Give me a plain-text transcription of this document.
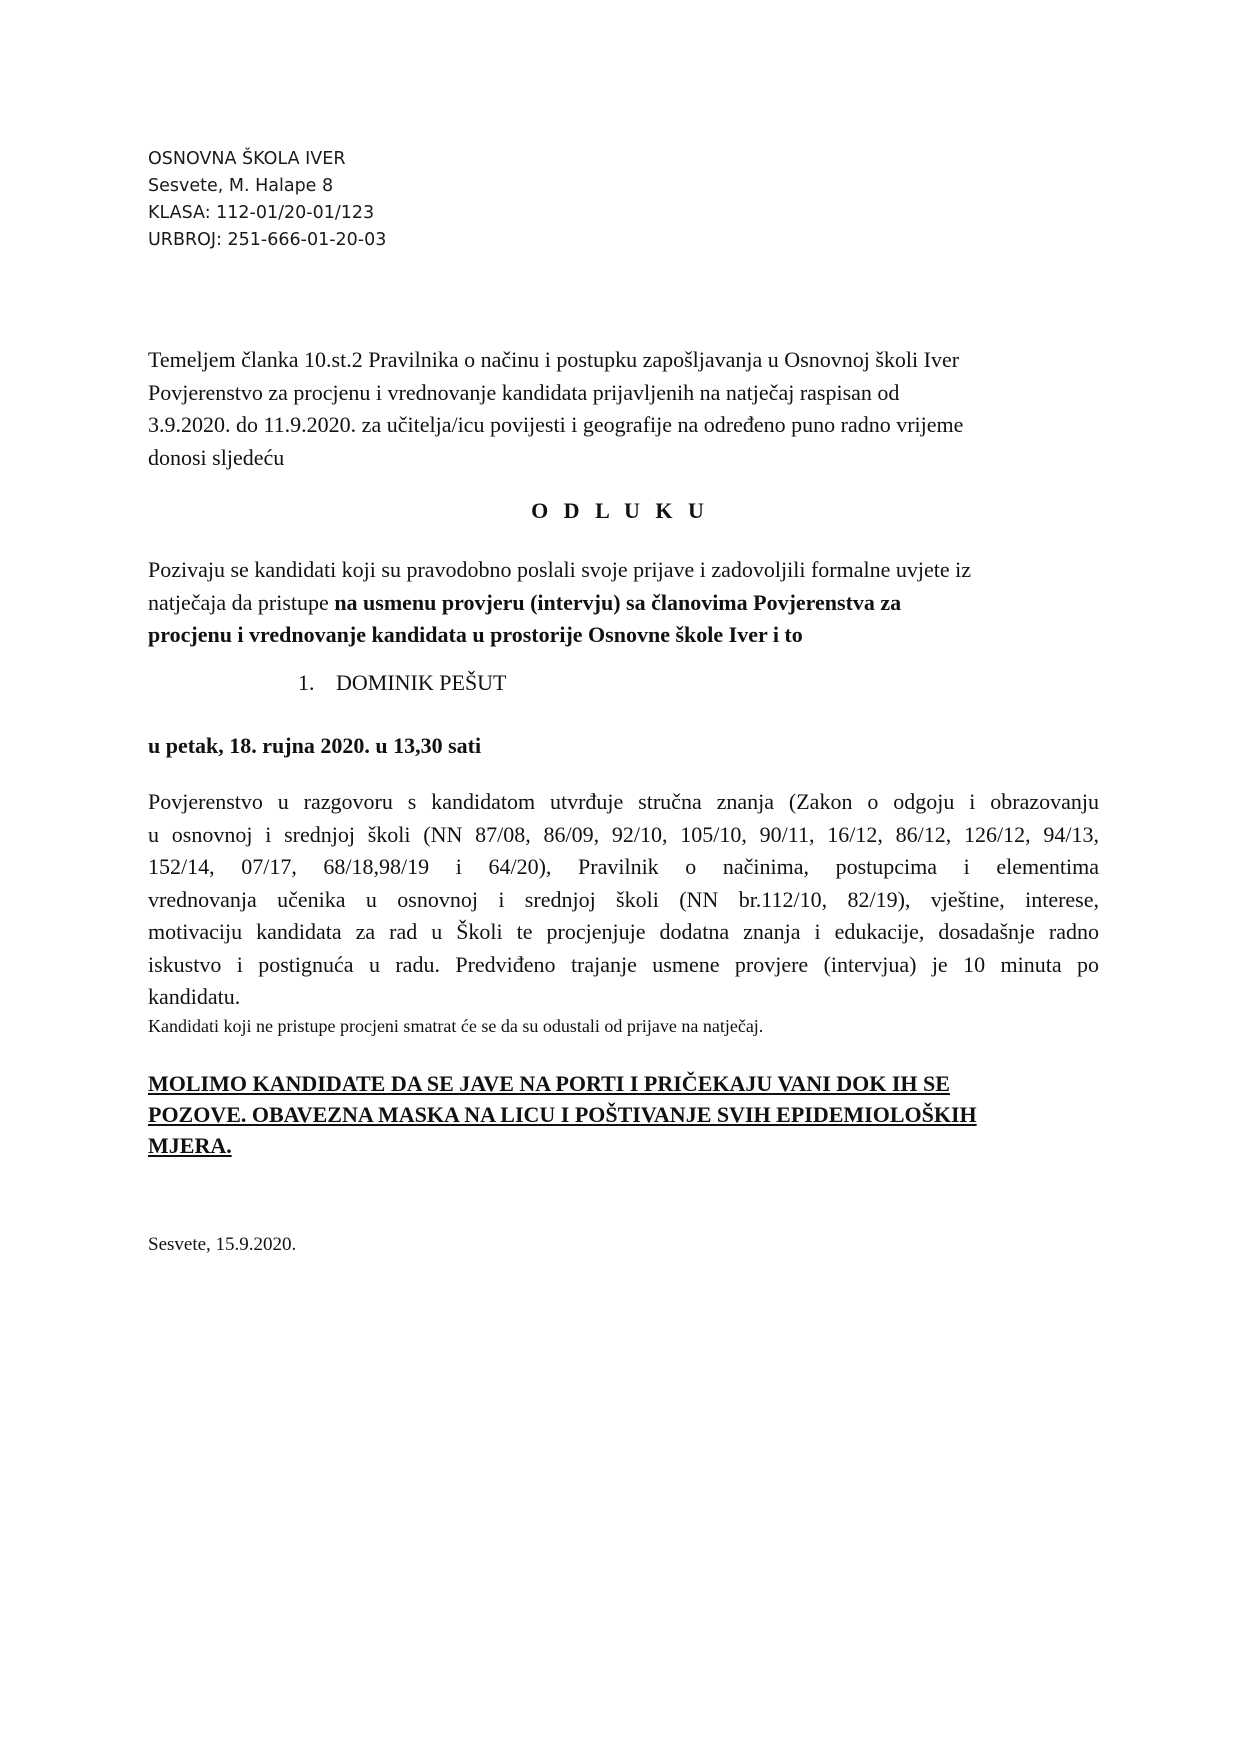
OSNOVNA ŠKOLA IVER
Sesvete, M. Halape 8
KLASA: 112-01/20-01/123
URBROJ: 251-666-01-20-03
Temeljem članka 10.st.2 Pravilnika o načinu i postupku zapošljavanja u Osnovnoj školi Iver
Povjerenstvo za procjenu i vrednovanje kandidata prijavljenih na natječaj raspisan od
3.9.2020. do 11.9.2020. za učitelja/icu povijesti i geografije na određeno puno radno vrijeme
donosi sljedeću
O D L U K U
Pozivaju se kandidati koji su pravodobno poslali svoje prijave i zadovoljili formalne uvjete iz
natječaja da pristupe na usmenu provjeru (intervju) sa članovima Povjerenstva za
procjenu i vrednovanje kandidata u prostorije Osnovne škole Iver i to
1. DOMINIK PEŠUT
u petak, 18. rujna 2020. u 13,30 sati
Povjerenstvo u razgovoru s kandidatom utvrđuje stručna znanja (Zakon o odgoju i obrazovanju
u osnovnoj i srednjoj školi (NN 87/08, 86/09, 92/10, 105/10, 90/11, 16/12, 86/12, 126/12, 94/13,
152/14, 07/17, 68/18,98/19 i 64/20), Pravilnik o načinima, postupcima i elementima
vrednovanja učenika u osnovnoj i srednjoj školi (NN br.112/10, 82/19), vještine, interese,
motivaciju kandidata za rad u Školi te procjenjuje dodatna znanja i edukacije, dosadašnje radno
iskustvo i postignuća u radu. Predviđeno trajanje usmene provjere (intervjua) je 10 minuta po
kandidatu.
Kandidati koji ne pristupe procjeni smatrat će se da su odustali od prijave na natječaj.
MOLIMO KANDIDATE DA SE JAVE NA PORTI I PRIČEKAJU VANI DOK IH SE
POZOVE. OBAVEZNA MASKA NA LICU I POŠTIVANJE SVIH EPIDEMIOLOŠKIH
MJERA.
Sesvete, 15.9.2020.
